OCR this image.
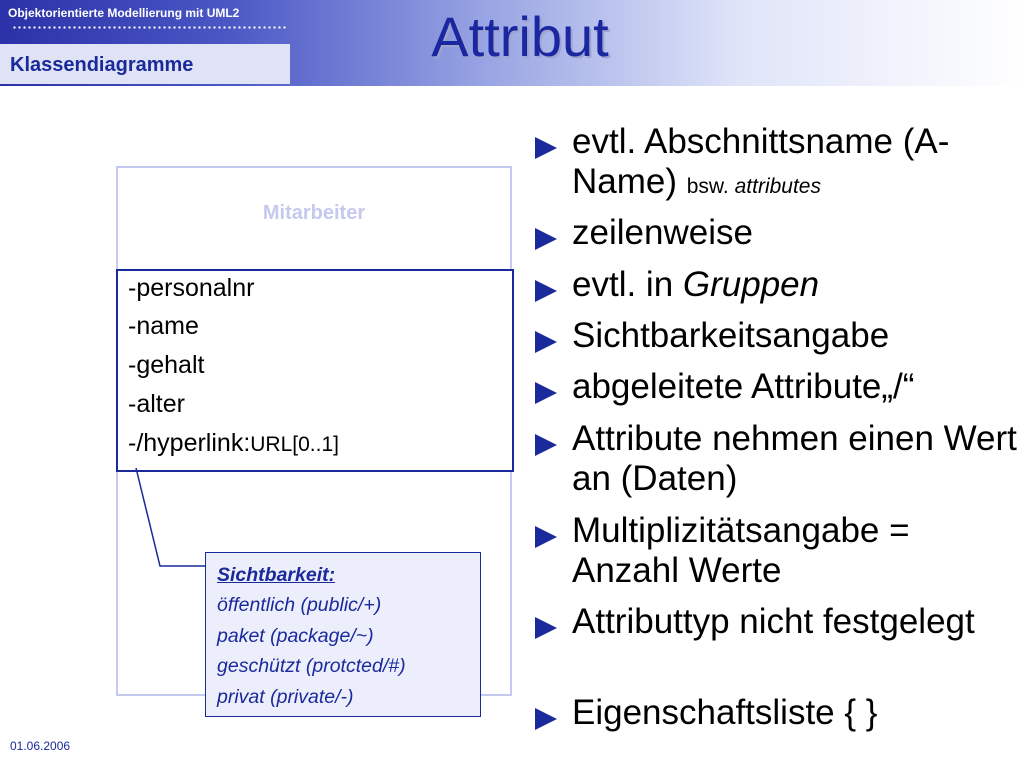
Objektorientierte Modellierung mit UML2
Klassendiagramme	Attribut
Mitarbeiter
-personalnr
-name
-gehalt
-alter
-/hyperlink:URL[0..1]
Sichtbarkeit:
öffentlich (public/+)
paket (package/~)
geschützt (protcted/#)
privat (private/-)
evtl. Abschnittsname (A-Name) bsw. attributes
zeilenweise
evtl. in Gruppen
Sichtbarkeitsangabe
abgeleitete Attribute„/“
Attribute nehmen einen Wert an (Daten)
Multiplizitätsangabe = Anzahl Werte
Attributtyp nicht festgelegt
Eigenschaftsliste { }
01.06.2006
